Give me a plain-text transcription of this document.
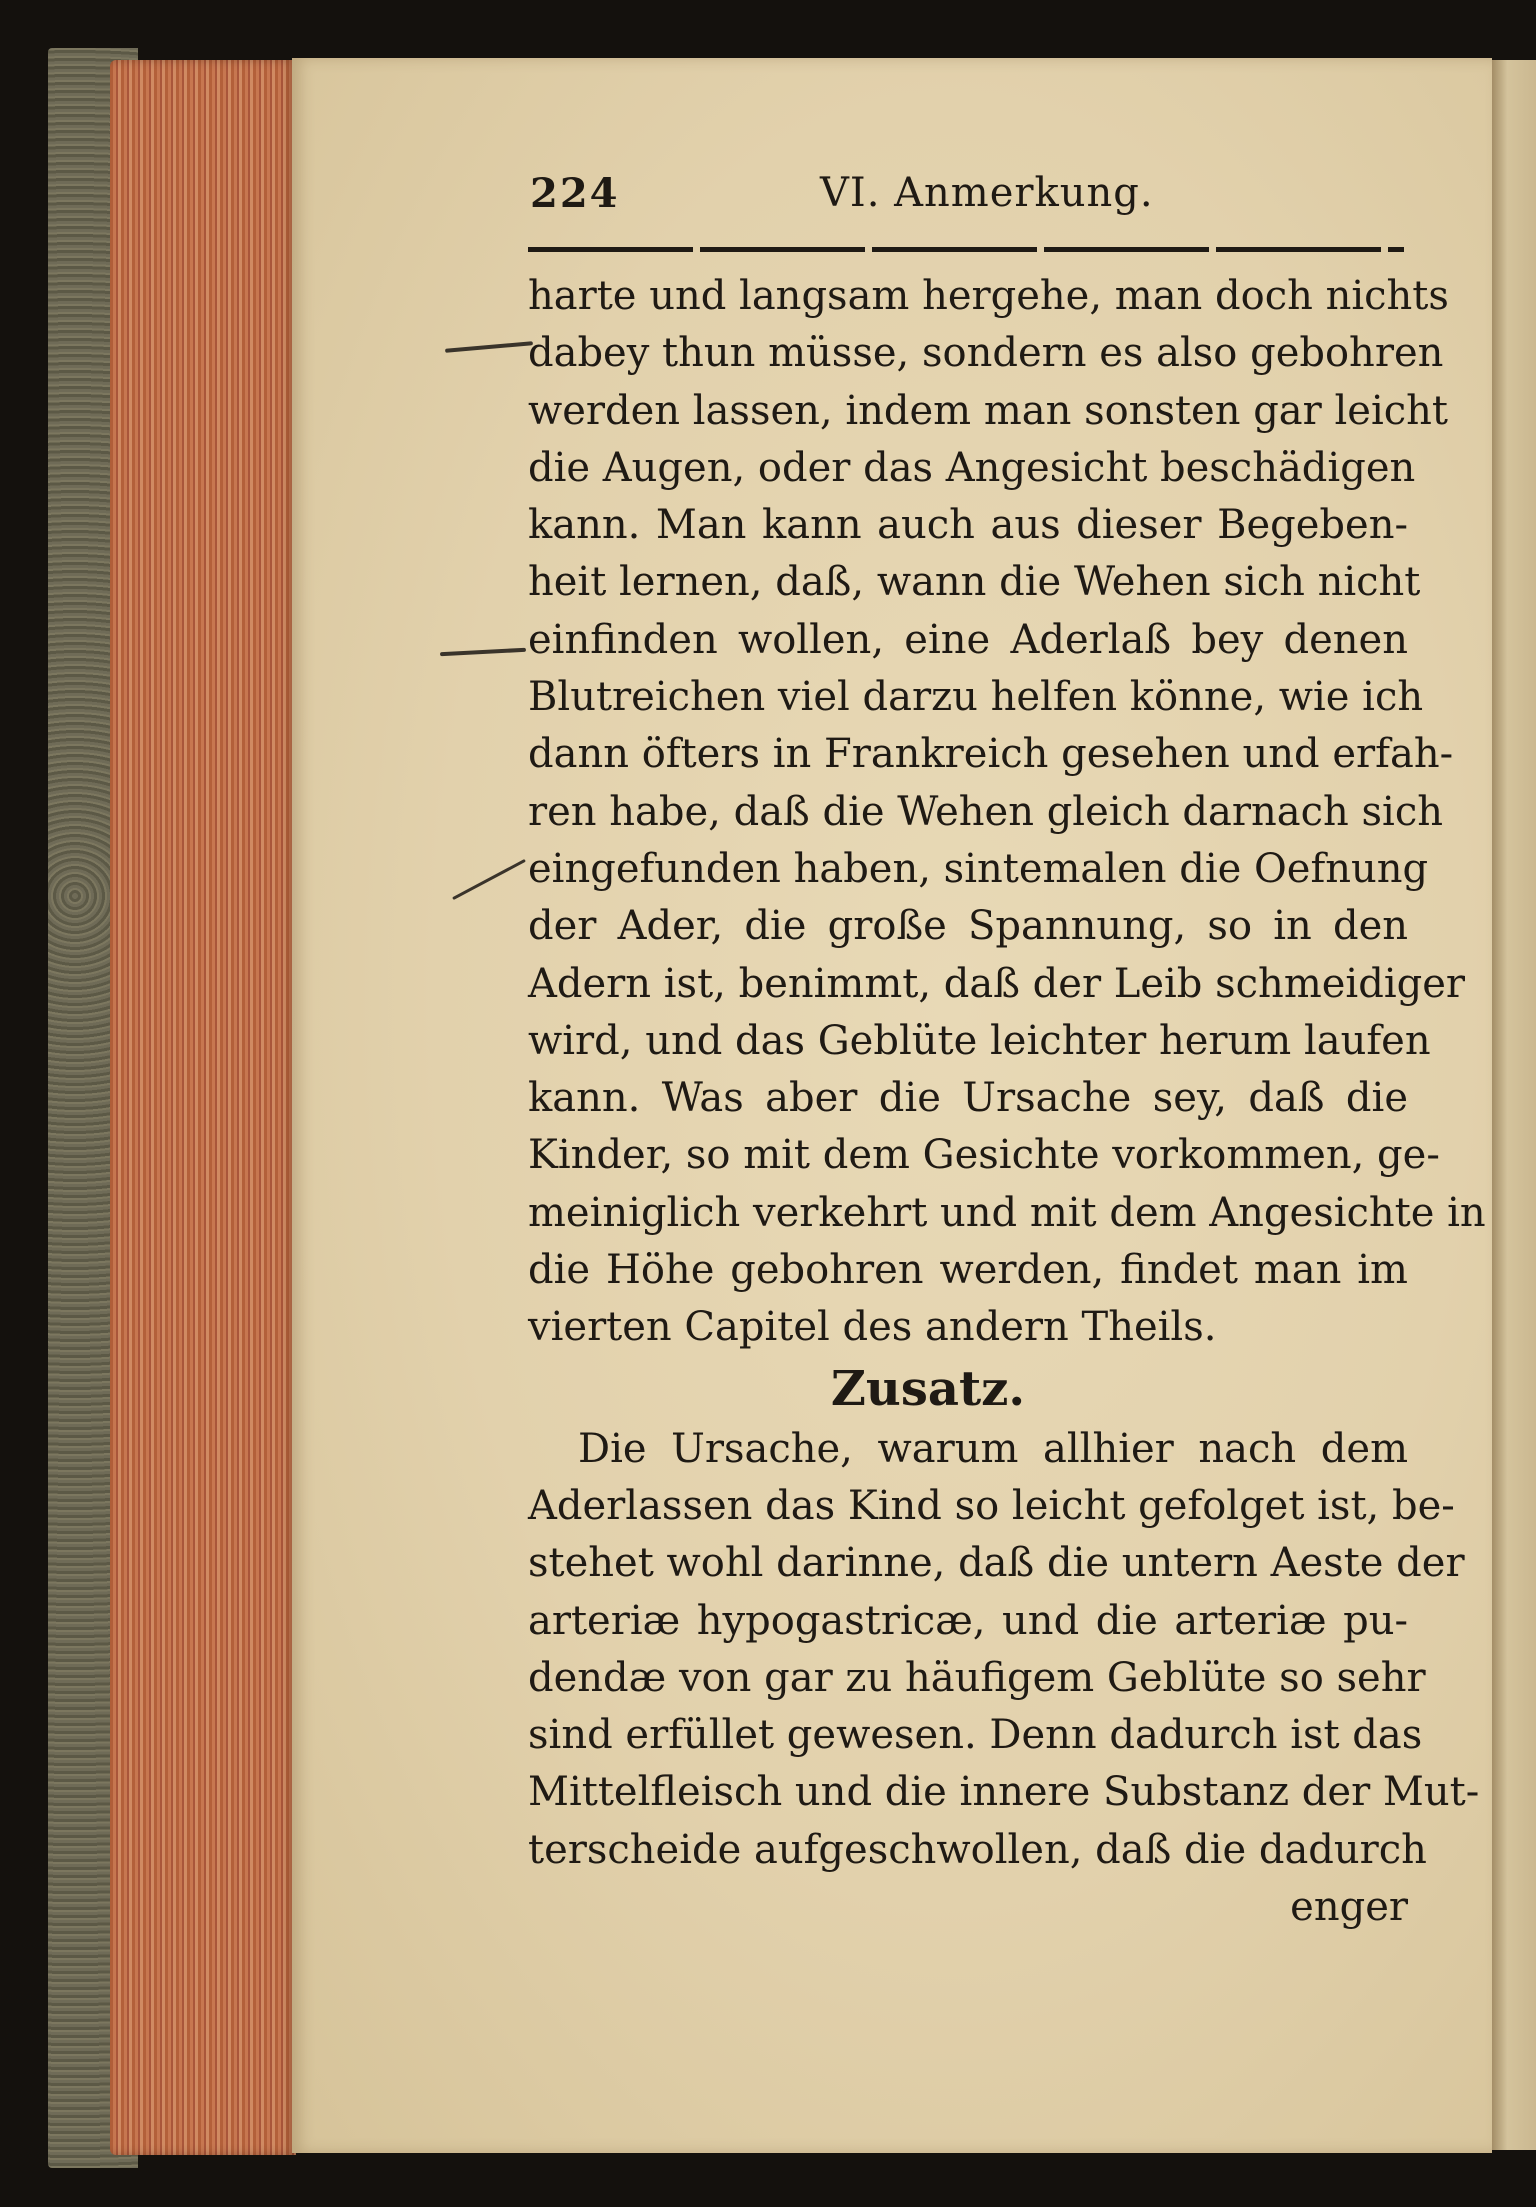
224	VI. Anmerkung.
harte und langsam hergehe, man doch nichts
dabey thun müsse, sondern es also gebohren
werden lassen, indem man sonsten gar leicht
die Augen, oder das Angesicht beschädigen
kann. Man kann auch aus dieser Begeben-
heit lernen, daß, wann die Wehen sich nicht
einfinden wollen, eine Aderlaß bey denen
Blutreichen viel darzu helfen könne, wie ich
dann öfters in Frankreich gesehen und erfah-
ren habe, daß die Wehen gleich darnach sich
eingefunden haben, sintemalen die Oefnung
der Ader, die große Spannung, so in den
Adern ist, benimmt, daß der Leib schmeidiger
wird, und das Geblüte leichter herum laufen
kann. Was aber die Ursache sey, daß die
Kinder, so mit dem Gesichte vorkommen, ge-
meiniglich verkehrt und mit dem Angesichte in
die Höhe gebohren werden, findet man im
vierten Capitel des andern Theils.
Zusatz.
Die Ursache, warum allhier nach dem
Aderlassen das Kind so leicht gefolget ist, be-
stehet wohl darinne, daß die untern Aeste der
arteriæ hypogastricæ, und die arteriæ pu-
dendæ von gar zu häufigem Geblüte so sehr
sind erfüllet gewesen. Denn dadurch ist das
Mittelfleisch und die innere Substanz der Mut-
terscheide aufgeschwollen, daß die dadurch
enger
